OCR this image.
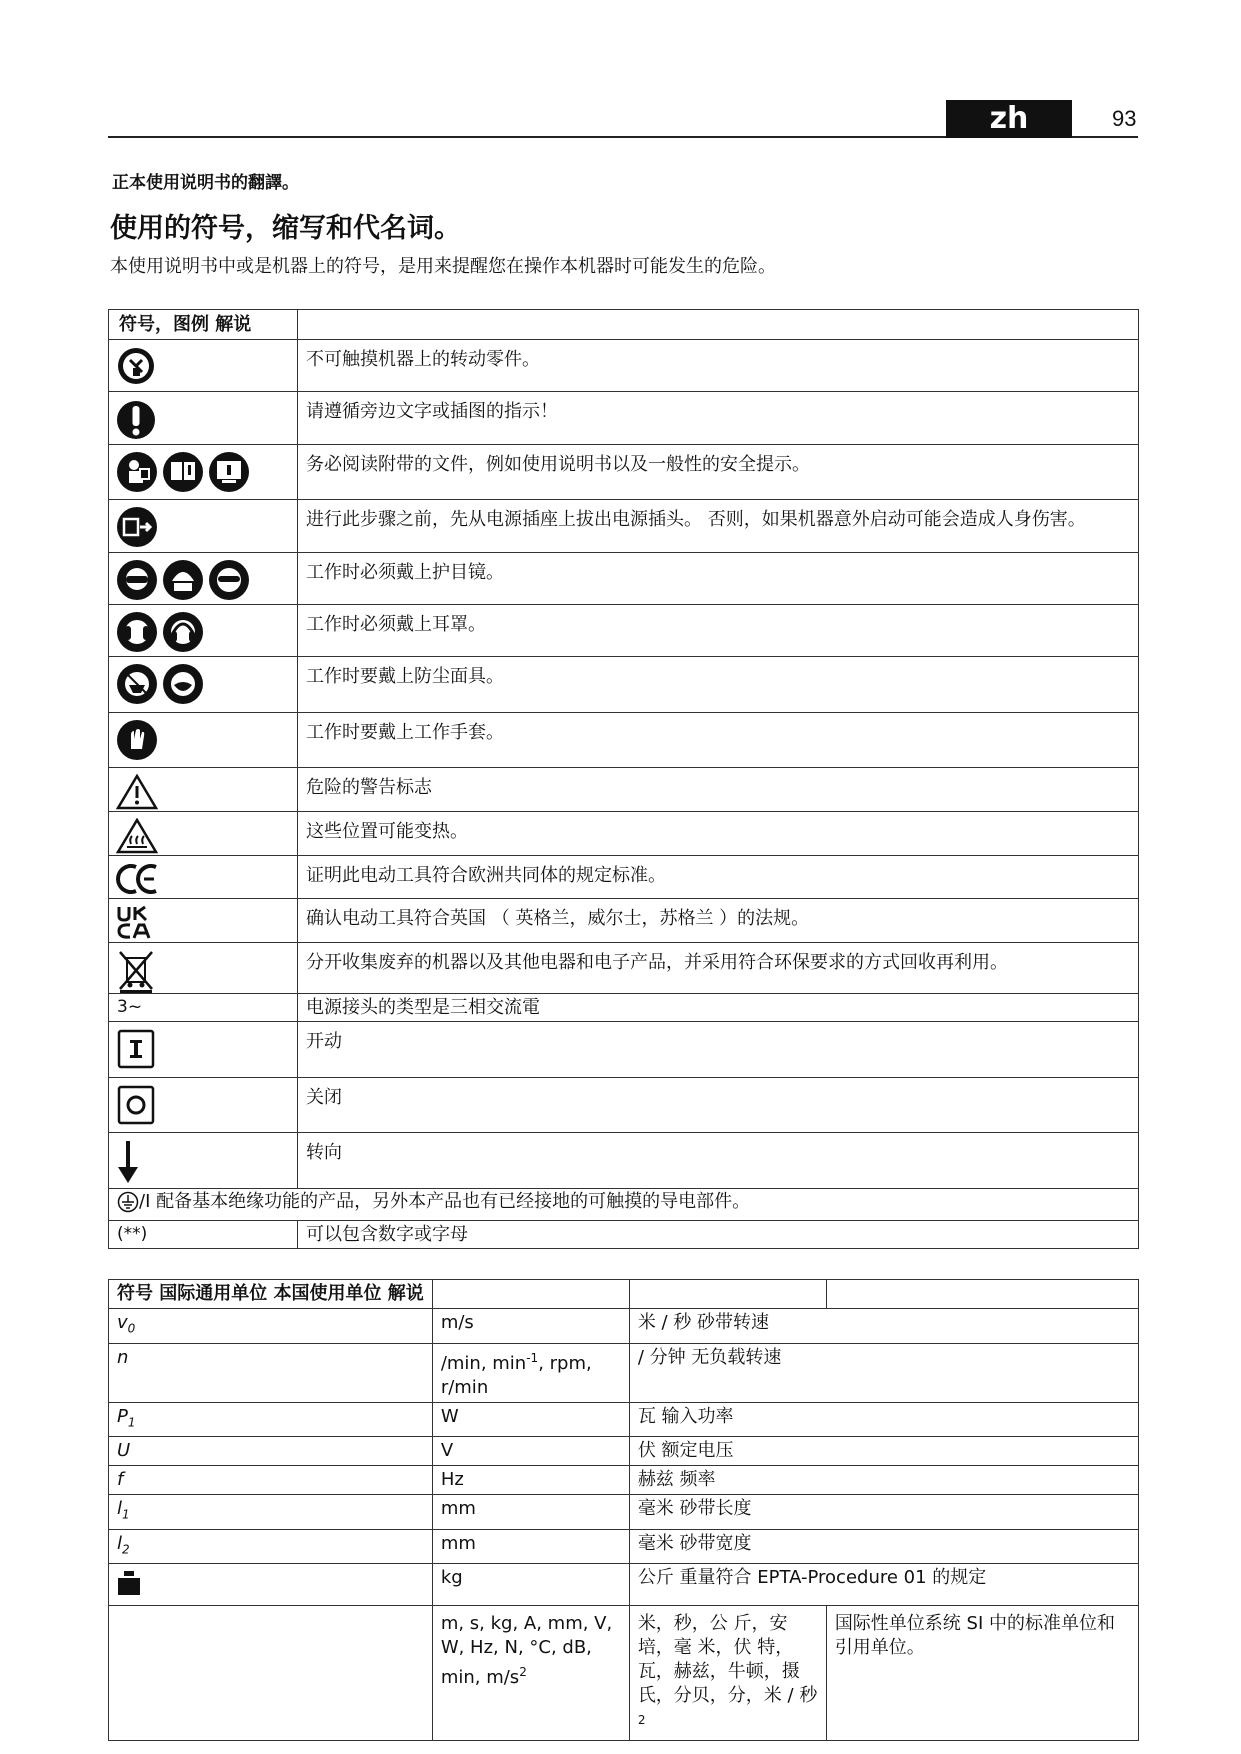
zh (CM)
93
正本使用说明书的翻譯。
使用的符号，缩写和代名词。
本使用说明书中或是机器上的符号，是用来提醒您在操作本机器时可能发生的危险。
符号，图例 解说	

	不可触摸机器上的转动零件。

	请遵循旁边文字或插图的指示！

	务必阅读附带的文件，例如使用说明书以及一般性的安全提示。

	进行此步骤之前，先从电源插座上拔出电源插头。 否则，如果机器意外启动可能会造成人身伤害。

	工作时必须戴上护目镜。

	工作时必须戴上耳罩。

	工作时要戴上防尘面具。

	工作时要戴上工作手套。

	危险的警告标志

	这些位置可能变热。

	证明此电动工具符合欧洲共同体的规定标准。

	确认电动工具符合英国 （ 英格兰，威尔士，苏格兰 ）的法规。

	分开收集废弃的机器以及其他电器和电子产品，并采用符合环保要求的方式回收再利用。
3~	电源接头的类型是三相交流電

	开动

	关闭

	转向

/I 配备基本绝缘功能的产品，另外本产品也有已经接地的可触摸的导电部件。	

(**)	可以包含数字或字母
符号 国际通用单位 本国使用单位 解说			
$v_0$	m/s	米 / 秒 砂带转速	
n	/min, $\min^{-1}$, rpm, r/min	/ 分钟 无负载转速	
$P_1$	W	瓦 输入功率	
U	V	伏 额定电压	
f	Hz	赫兹 频率	
$l_1$	mm	毫米 砂带长度	
$l_2$	mm	毫米 砂带宽度	
	kg	公斤 重量符合 EPTA-Procedure 01 的规定	
	m, s, kg, A, mm, V, W, Hz, N, °C, dB, min, $m/s^2$	米，秒，公 斤，安 培，毫 米，伏 特，瓦，赫兹，牛顿，摄氏，分贝，分，米 / 秒$^2$	国际性单位系统 SI 中的标准单位和引用单位。
